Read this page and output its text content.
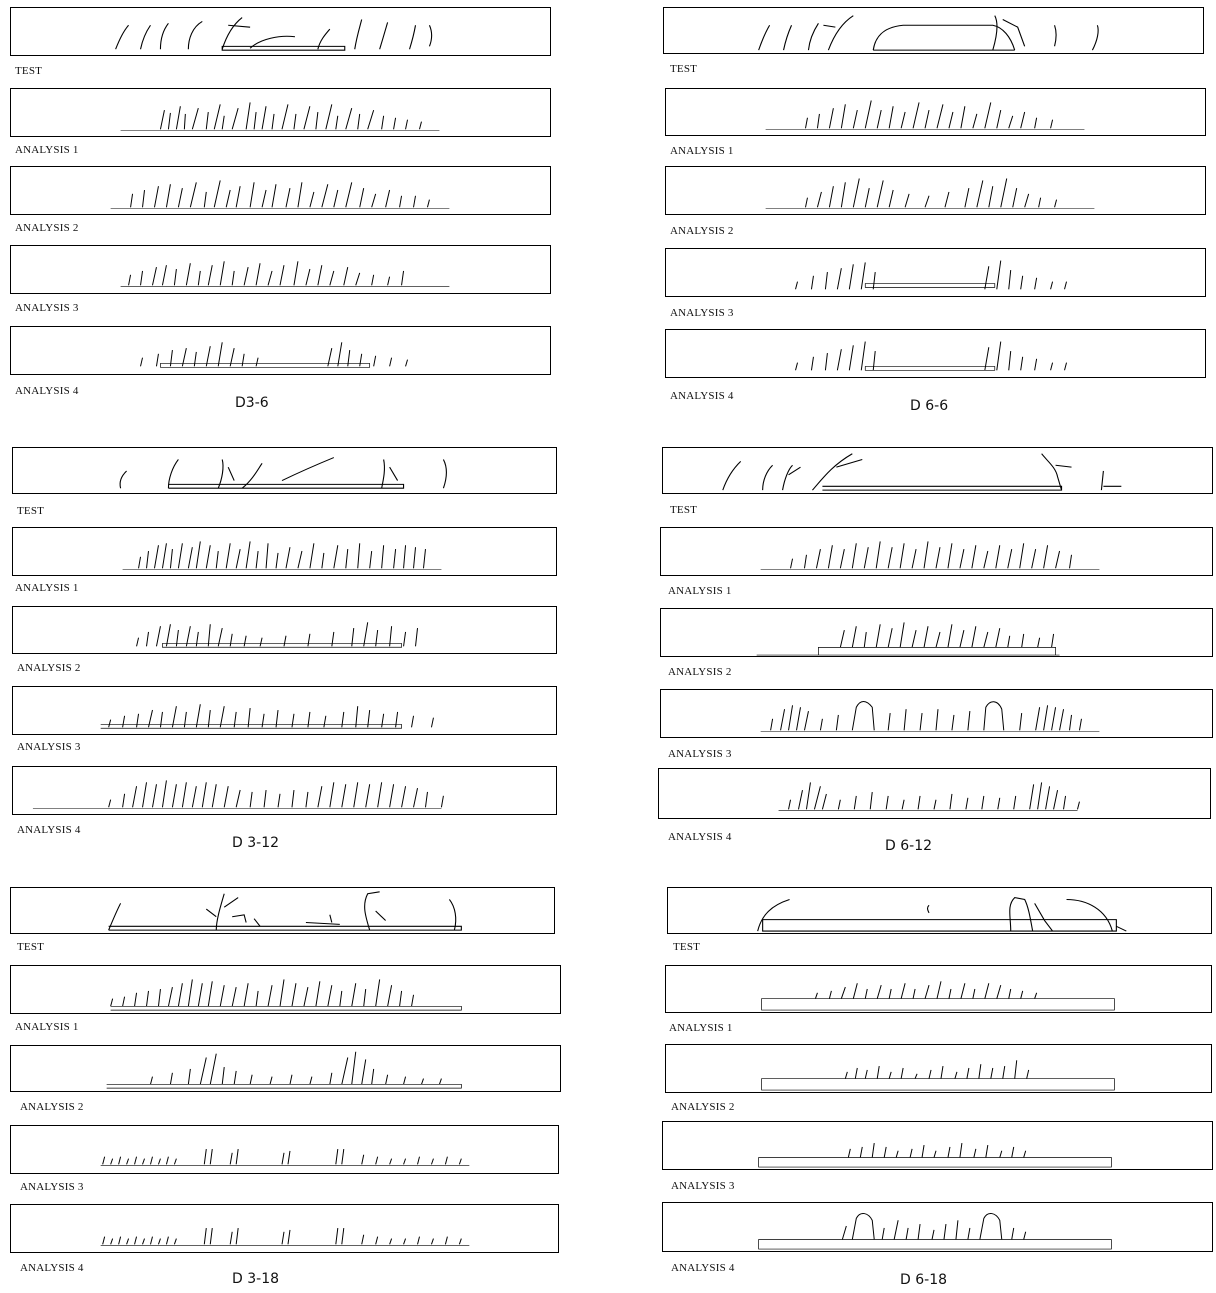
TEST
ANALYSIS 1
ANALYSIS 2
ANALYSIS 3
ANALYSIS 4
D3-6
TEST
ANALYSIS 1
ANALYSIS 2
ANALYSIS 3
ANALYSIS 4
D 6-6
TEST
ANALYSIS 1
ANALYSIS 2
ANALYSIS 3
ANALYSIS 4
D 3-12
TEST
ANALYSIS 1
ANALYSIS 2
ANALYSIS 3
ANALYSIS 4
D 6-12
TEST
ANALYSIS 1
ANALYSIS 2
ANALYSIS 3
ANALYSIS 4
D 3-18
TEST
ANALYSIS 1
ANALYSIS 2
ANALYSIS 3
ANALYSIS 4
D 6-18
